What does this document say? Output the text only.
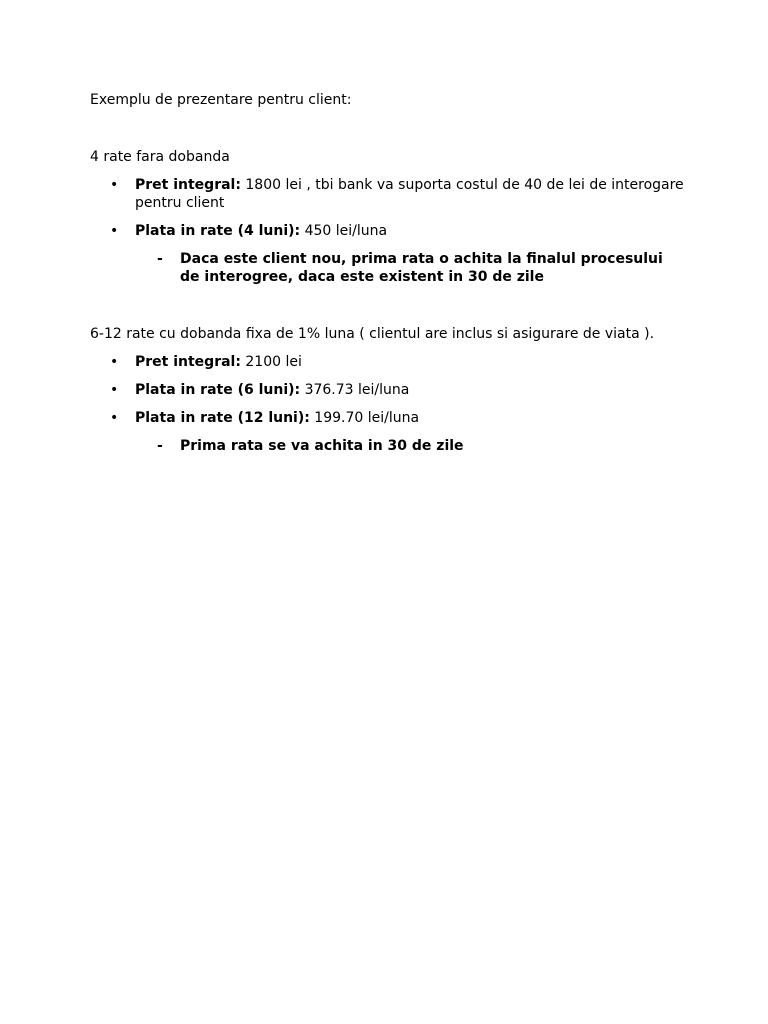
Exemplu de prezentare pentru client:

4 rate fara dobanda

• Pret integral: 1800 lei , tbi bank va suporta costul de 40 de lei de interogare pentru client
• Plata in rate (4 luni): 450 lei/luna
- Daca este client nou, prima rata o achita la finalul procesului de interogrее, daca este existent in 30 de zile

6-12 rate cu dobanda fixa de 1% luna ( clientul are inclus si asigurare de viata ).

• Pret integral: 2100 lei
• Plata in rate (6 luni): 376.73 lei/luna
• Plata in rate (12 luni): 199.70 lei/luna
- Prima rata se va achita in 30 de zile
